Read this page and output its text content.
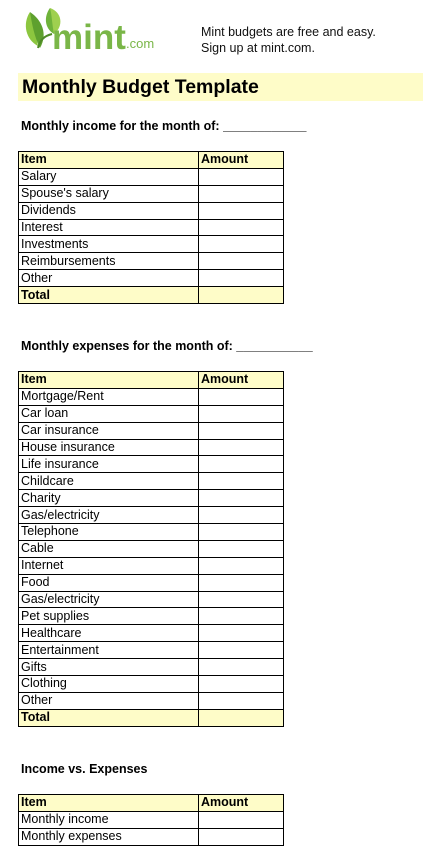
mint .com
Mint budgets are free and easy.
Sign up at mint.com.
Monthly Budget Template
Monthly income for the month of: ____________
Item	Amount
Salary	
Spouse's salary	
Dividends	
Interest	
Investments	
Reimbursements	
Other	
Total	
Monthly expenses for the month of: ___________
Item	Amount
Mortgage/Rent	
Car loan	
Car insurance	
House insurance	
Life insurance	
Childcare	
Charity	
Gas/electricity	
Telephone	
Cable	
Internet	
Food	
Gas/electricity	
Pet supplies	
Healthcare	
Entertainment	
Gifts	
Clothing	
Other	
Total	
Income vs. Expenses
Item	Amount
Monthly income	
Monthly expenses	
